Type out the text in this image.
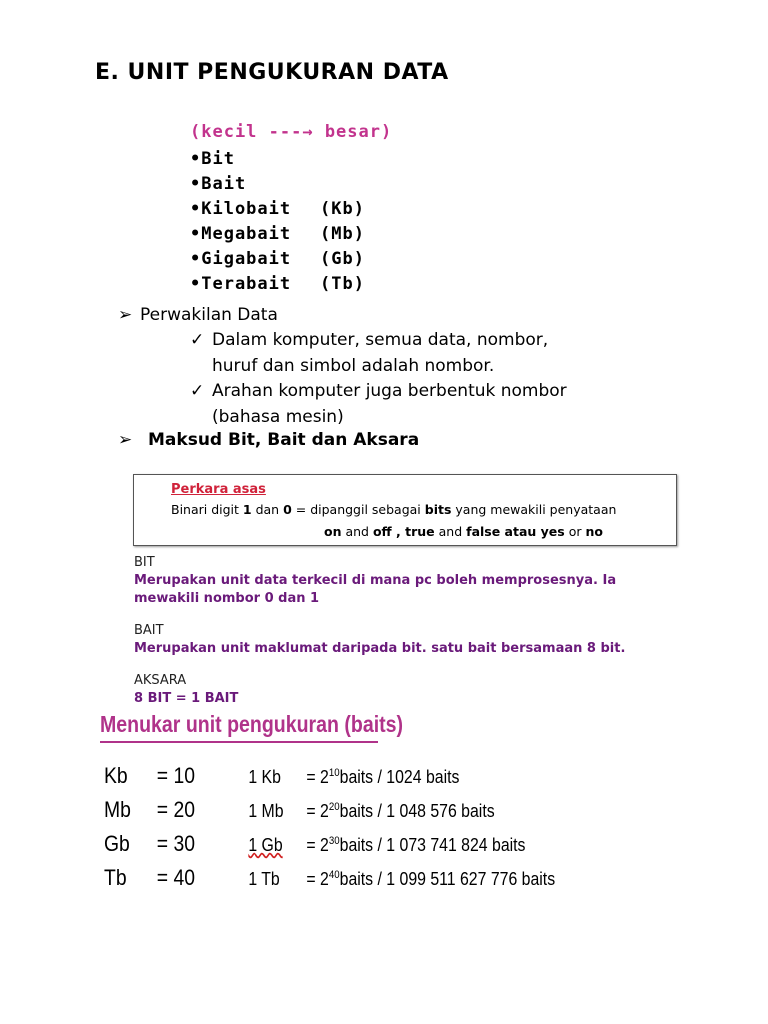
E. UNIT PENGUKURAN DATA
(kecil ---→ besar)
•Bit
•Bait
•Kilobait	(Kb)
•Megabait	(Mb)
•Gigabait	(Gb)
•Terabait	(Tb)
➢ Perwakilan Data
✓ Dalam komputer, semua data, nombor,
huruf dan simbol adalah nombor.
✓ Arahan komputer juga berbentuk nombor
(bahasa mesin)
➢ Maksud Bit, Bait dan Aksara
Perkara asas
Binari digit 1 dan 0 = dipanggil sebagai bits yang mewakili penyataan
on and off , true and false atau yes or no
BIT
Merupakan unit data terkecil di mana pc boleh memprosesnya. Ia mewakili nombor 0 dan 1
BAIT
Merupakan unit maklumat daripada bit. satu bait bersamaan 8 bit.
AKSARA
8 BIT = 1 BAIT
Menukar unit pengukuran (baits)
Kb = 10	1 $Kb = 2^{10}baits / 1024$ baits
Mb = 20	1 $Mb = 2^{20}baits / 1$ 048 576 baits
Gb = 30	1 $Gb = 2^{30}baits / 1$ 073 741 824 baits
Tb = 40	1 $Tb = 2^{40}baits / 1$ 099 511 627 776 baits
